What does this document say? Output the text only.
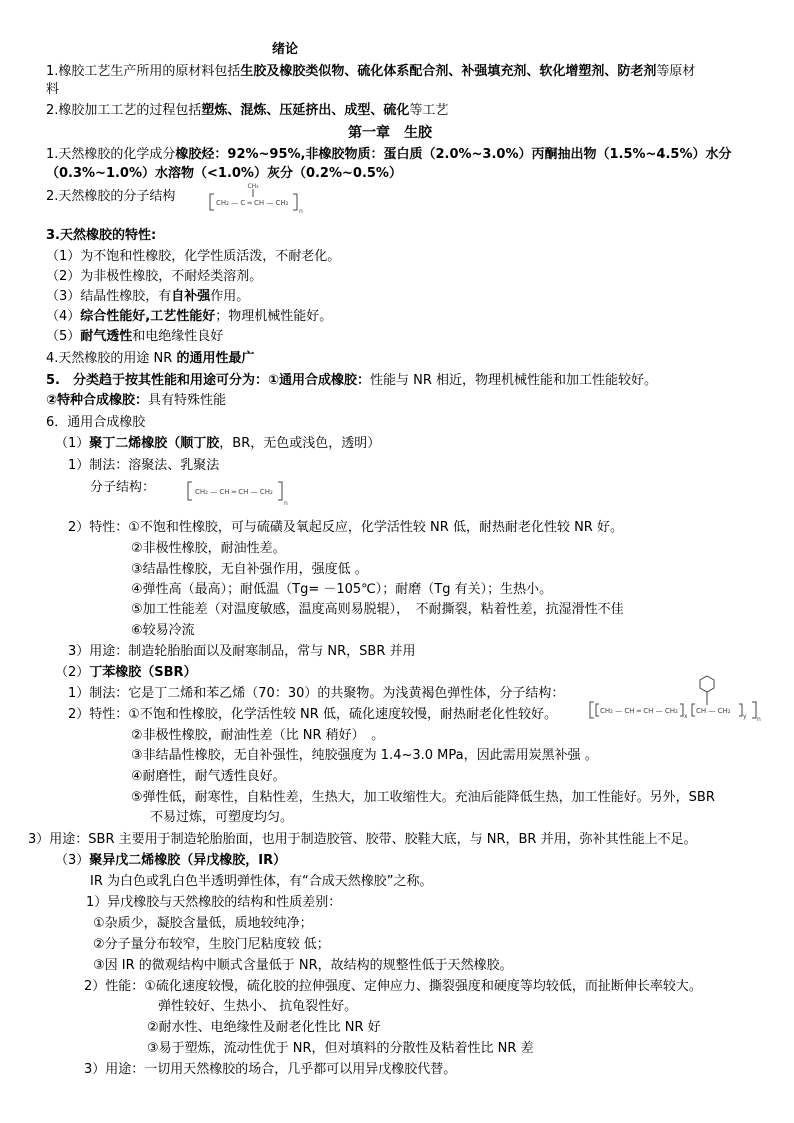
绪论
1.橡胶工艺生产所用的原材料包括生胶及橡胶类似物、硫化体系配合剂、补强填充剂、软化增塑剂、防老剂等原材
料
2.橡胶加工工艺的过程包括塑炼、混炼、压延挤出、成型、硫化等工艺
第一章　生胶
1.天然橡胶的化学成分橡胶烃：92%~95%,非橡胶物质：蛋白质（2.0%~3.0%）丙酮抽出物（1.5%~4.5%）水分
（0.3%~1.0%）水溶物（<1.0%）灰分（0.2%~0.5%）
2.天然橡胶的分子结构
CH₃
CH₂ — C ═ CH — CH₂
n
3.天然橡胶的特性:
（1）为不饱和性橡胶，化学性质活泼，不耐老化。
（2）为非极性橡胶，不耐烃类溶剂。
（3）结晶性橡胶，有自补强作用。
（4）综合性能好,工艺性能好；物理机械性能好。
（5）耐气透性和电绝缘性良好
4.天然橡胶的用途 NR 的通用性最广
5.　分类趋于按其性能和用途可分为：①通用合成橡胶：性能与 NR 相近，物理机械性能和加工性能较好。
②特种合成橡胶：具有特殊性能
6．通用合成橡胶
（1）聚丁二烯橡胶（顺丁胶，BR，无色或浅色，透明）
1）制法：溶聚法、乳聚法
分子结构：	CH₂ — CH ═ CH — CH₂
n
2）特性：①不饱和性橡胶，可与硫磺及氧起反应，化学活性较 NR 低，耐热耐老化性较 NR 好。
②非极性橡胶，耐油性差。
③结晶性橡胶，无自补强作用，强度低 。
④弹性高（最高）；耐低温（Tg= －105℃）；耐磨（Tg 有关）；生热小。
⑤加工性能差（对温度敏感，温度高则易脱辊），　不耐撕裂，粘着性差，抗湿滑性不佳
⑥较易冷流
3）用途：制造轮胎胎面以及耐寒制品，常与 NR，SBR 并用
（2）丁苯橡胶（SBR）
1）制法：它是丁二烯和苯乙烯（70：30）的共聚物。为浅黄褐色弹性体，分子结构：
2）特性：①不饱和性橡胶，化学活性较 NR 低，硫化速度较慢，耐热耐老化性较好。	CH₂ — CH ═ CH — CH₂
x
CH — CH₂
y n
②非极性橡胶，耐油性差（比 NR 稍好）　。
③非结晶性橡胶，无自补强性，纯胶强度为 1.4~3.0 MPa，因此需用炭黑补强 。
④耐磨性，耐气透性良好。
⑤弹性低，耐寒性，自粘性差，生热大，加工收缩性大。充油后能降低生热，加工性能好。另外，SBR
不易过炼，可塑度均匀。
3）用途：SBR 主要用于制造轮胎胎面，也用于制造胶管、胶带、胶鞋大底，与 NR，BR 并用，弥补其性能上不足。
（3）聚异戊二烯橡胶（异戊橡胶，IR）
IR 为白色或乳白色半透明弹性体，有“合成天然橡胶”之称。
1）异戊橡胶与天然橡胶的结构和性质差别：
①杂质少，凝胶含量低，质地较纯净；
②分子量分布较窄，生胶门尼粘度较 低；
③因 IR 的微观结构中顺式含量低于 NR，故结构的规整性低于天然橡胶。
2）性能：①硫化速度较慢，硫化胶的拉伸强度、定伸应力、撕裂强度和硬度等均较低，而扯断伸长率较大。
弹性较好、生热小、 抗龟裂性好。
②耐水性、电绝缘性及耐老化性比 NR 好
③易于塑炼，流动性优于 NR，但对填料的分散性及粘着性比 NR 差
3）用途：一切用天然橡胶的场合，几乎都可以用异戊橡胶代替。
